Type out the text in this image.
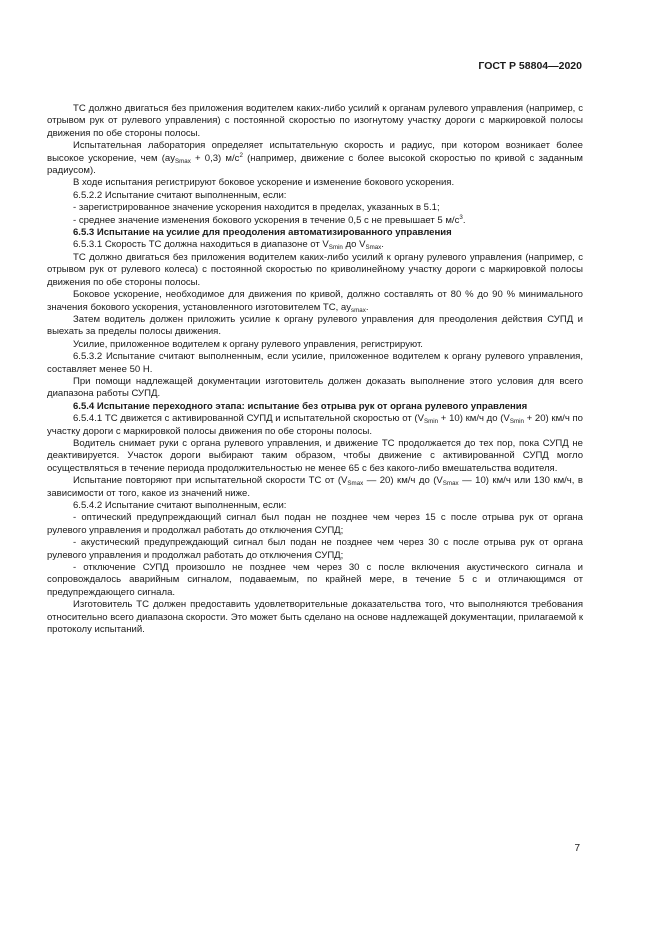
ГОСТ Р 58804—2020

ТС должно двигаться без приложения водителем каких-либо усилий к органам рулевого управления (например, с отрывом рук от рулевого управления) с постоянной скоростью по изогнутому участку дороги с маркировкой полосы движения по обе стороны полосы.

Испытательная лаборатория определяет испытательную скорость и радиус, при котором возникает более высокое ускорение, чем $(ay_{Smax} + 0,3)$ $м/с^2$ (например, движение с более высокой скоростью по кривой с заданным радиусом).

В ходе испытания регистрируют боковое ускорение и изменение бокового ускорения.

6.5.2.2 Испытание считают выполненным, если:

- зарегистрированное значение ускорения находится в пределах, указанных в 5.1;

- среднее значение изменения бокового ускорения в течение 0,5 с не превышает 5 $м/с^3$.

6.5.3 Испытание на усилие для преодоления автоматизированного управления

6.5.3.1 Скорость ТС должна находиться в диапазоне от $V_{Smin}$ до $V_{Smax}$.

ТС должно двигаться без приложения водителем каких-либо усилий к органу рулевого управления (например, с отрывом рук от рулевого колеса) с постоянной скоростью по криволинейному участку дороги с маркировкой полосы движения по обе стороны полосы.

Боковое ускорение, необходимое для движения по кривой, должно составлять от 80 % до 90 % минимального значения бокового ускорения, установленного изготовителем ТС, $ay_{smax}$.

Затем водитель должен приложить усилие к органу рулевого управления для преодоления действия СУПД и выехать за пределы полосы движения.

Усилие, приложенное водителем к органу рулевого управления, регистрируют.

6.5.3.2 Испытание считают выполненным, если усилие, приложенное водителем к органу рулевого управления, составляет менее 50 Н.

При помощи надлежащей документации изготовитель должен доказать выполнение этого условия для всего диапазона работы СУПД.

6.5.4 Испытание переходного этапа: испытание без отрыва рук от органа рулевого управления

6.5.4.1 ТС движется с активированной СУПД и испытательной скоростью от $(V_{Smin} + 10)$ км/ч до $(V_{Smin} + 20)$ км/ч по участку дороги с маркировкой полосы движения по обе стороны полосы.

Водитель снимает руки с органа рулевого управления, и движение ТС продолжается до тех пор, пока СУПД не деактивируется. Участок дороги выбирают таким образом, чтобы движение с активированной СУПД могло осуществляться в течение периода продолжительностью не менее 65 с без какого-либо вмешательства водителя.

Испытание повторяют при испытательной скорости ТС от ($V_{Smax}$ — 20) км/ч до ($V_{Smax}$ — 10) км/ч или 130 км/ч, в зависимости от того, какое из значений ниже.

6.5.4.2 Испытание считают выполненным, если:

- оптический предупреждающий сигнал был подан не позднее чем через 15 с после отрыва рук от органа рулевого управления и продолжал работать до отключения СУПД;

- акустический предупреждающий сигнал был подан не позднее чем через 30 с после отрыва рук от органа рулевого управления и продолжал работать до отключения СУПД;

- отключение СУПД произошло не позднее чем через 30 с после включения акустического сигнала и сопровождалось аварийным сигналом, подаваемым, по крайней мере, в течение 5 с и отличающимся от предупреждающего сигнала.

Изготовитель ТС должен предоставить удовлетворительные доказательства того, что выполняются требования относительно всего диапазона скорости. Это может быть сделано на основе надлежащей документации, прилагаемой к протоколу испытаний.

7
